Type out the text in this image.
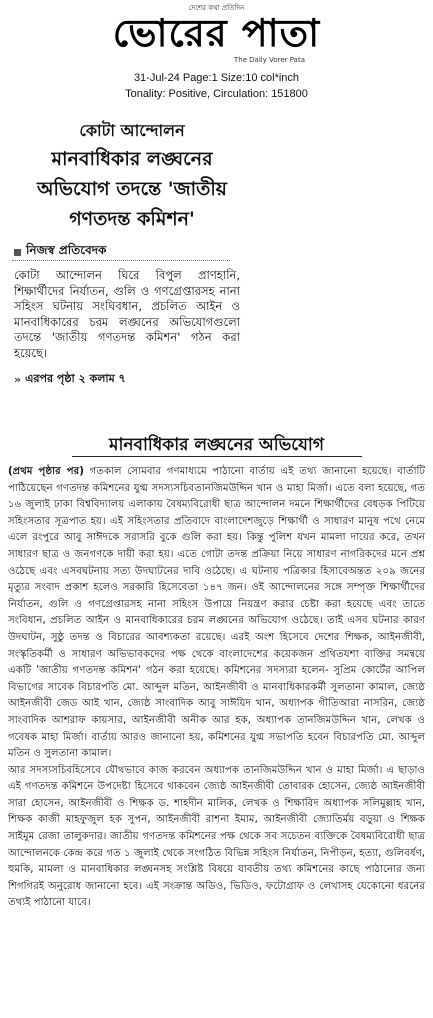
দেশের কথা প্রতিদিন
ভোরের পাতা
The Daily Vorer Pata
31-Jul-24 Page:1 Size:10 col*inch
Tonality: Positive, Circulation: 151800
কোটা আন্দোলন
মানবাধিকার লঙ্ঘনের অভিযোগ তদন্তে 'জাতীয় গণতদন্ত কমিশন'
নিজস্ব প্রতিবেদক
কোটা আন্দোলন ঘিরে বিপুল প্রাণহানি, শিক্ষার্থীদের নির্যাতন, গুলি ও গণগ্রেপ্তারসহ নানা সহিংস ঘটনায় সংঘিবধান, প্রচলিত আইন ও মানবাধিকারের চরম লঙ্ঘনের অভিযোগগুলো তদন্তে 'জাতীয় গণতদন্ত কমিশন' গঠন করা হয়েছে।
» এরপর পৃষ্ঠা ২ কলাম ৭
মানবাধিকার লঙ্ঘনের অভিযোগ

(প্রথম পৃষ্ঠার পর) গতকাল সোমবার গণমাধ্যমে পাঠানো বার্তায় এই তথ্য জানানো হয়েছে। বার্তাটি পাঠিয়েছেন গণতদন্ত কমিশনের যুগ্ম সদস্যসচিবতানজিমউদ্দিন খান ও মাহা মির্জা। এতে বলা হয়েছে, গত ১৬ জুলাই ঢাকা বিশ্ববিদ্যালয় এলাকায় বৈষম্যবিরোধী ছাত্র আন্দোলন দমনে শিক্ষার্থীদের বেধড়ক পিটিয়ে সহিংসতার সূত্রপাত হয়। এই সহিংসতার প্রতিবাদে বাংলাদেশজুড়ে শিক্ষার্থী ও সাধারণ মানুষ পথে নেমে এলে রংপুরে আবু সাঈদকে সরাসরি বুকে গুলি করা হয়। কিন্তু পুলিশ যখন মামলা দায়ের করে, তখন সাধারণ ছাত্র ও জনগণকে দায়ী করা হয়। এতে গোটা তদন্ত প্রক্রিয়া নিয়ে সাধারণ নাগরিকদের মনে প্রশ্ন ওঠেছে এবং এসবঘটনায় সত্য উদঘাটনের দাবি ওঠেছে। এ ঘটনায় পত্রিকার হিসাবেঅন্তত ২০৯ জনের মৃত্যুর সংবাদ প্রকাশ হলেও সরকারি হিসেবেতা ১৪৭ জন। ওই আন্দোলনের সঙ্গে সম্পৃক্ত শিক্ষার্থীদের নির্যাতন, গুলি ও গণগ্রেপ্তারসহ নানা সহিংস উপায়ে নিয়ন্ত্রণ করার চেষ্টা করা হয়েছে এবং তাতে সংবিধান, প্রচলিত আইন ও মানবাধিকারের চরম লঙ্ঘনের অভিযোগ ওঠেছে। তাই এসব ঘটনার কারণ উদঘাটন, সুষ্ঠু তদন্ত ও বিচারের আবশ্যকতা রয়েছে। এরই অংশ হিসেবে দেশের শিক্ষক, আইনজীবী, সংস্কৃতিকর্মী ও সাধারণ অভিভাবকদের পক্ষ থেকে বাংলাদেশের কয়েকজন প্রথিতযশা ব্যক্তির সমন্বয়ে একটি 'জাতীয় গণতদন্ত কমিশন' গঠন করা হয়েছে। কমিশনের সদস্যরা হলেন- সুপ্রিম কোর্টের আপিল বিভাগের সাবেক বিচারপতি মো. আব্দুল মতিন, আইনজীবী ও মানবাধিকারকর্মী সুলতানা কামাল, জ্যেষ্ঠ আইনজীবী জেড আই খান, জ্যেষ্ঠ সাংবাদিক আবু সাঈয়িদ খান, অধ্যাপক গীতিআরা নাসরিন, জ্যেষ্ঠ সাংবাদিক আশরাফ কায়সার, আইনজীবী অনীক আর হক, অধ্যাপক তানজিমউদ্দিন খান, লেখক ও গবেষক মাহা মির্জা। বার্তায় আরও জানানো হয়, কমিশনের যুগ্ম সভাপতি হবেন বিচারপতি মো. আব্দুল মতিন ও সুলতানা কামাল।

আর সদস্যসচিবহিসেবে যৌথভাবে কাজ করবেন অধ্যাপক তানজিমউদ্দিন খান ও মাহা মির্জা। এ ছাড়াও এই গণতদন্ত কমিশনে উপদেষ্টা হিসেবে থাকবেন জ্যেষ্ঠ আইনজীবী তোবারক হোসেন, জ্যেষ্ঠ আইনজীবী সারা হোসেন, আইনজীবী ও শিক্ষক ড. শাহদীন মালিক, লেখক ও শিক্ষাবিদ অধ্যাপক সলিমুল্লাহ খান, শিক্ষক কাজী মাহফুজুল হক সুপন, আইনজীবী রাশনা ইমাম, আইনজীবী জ্যোতির্ময় বড়ুয়া ও শিক্ষক সাইমুম রেজা তালুকদার। জাতীয় গণতদন্ত কমিশনের পক্ষ থেকে সব সচেতন ব্যক্তিকে বৈষম্যবিরোধী ছাত্র আন্দোলনকে কেন্দ্র করে গত ১ জুলাই থেকে সংগঠিত বিভিন্ন সহিংস নির্যাতন, নিপীড়ন, হত্যা, গুলিবর্ষণ, হুমকি, মামলা ও মানবাধিকার লঙ্ঘনসহ সংশ্লিষ্ট বিষয়ে যাবতীয় তথ্য কমিশনের কাছে পাঠানোর জন্য শিগগিরই অনুরোধ জানানো হবে। এই সংক্রান্ত অডিও, ভিডিও, ফটোগ্রাফ ও লেখাসহ যেকোনো ধরনের তথ্যই পাঠানো যাবে।
